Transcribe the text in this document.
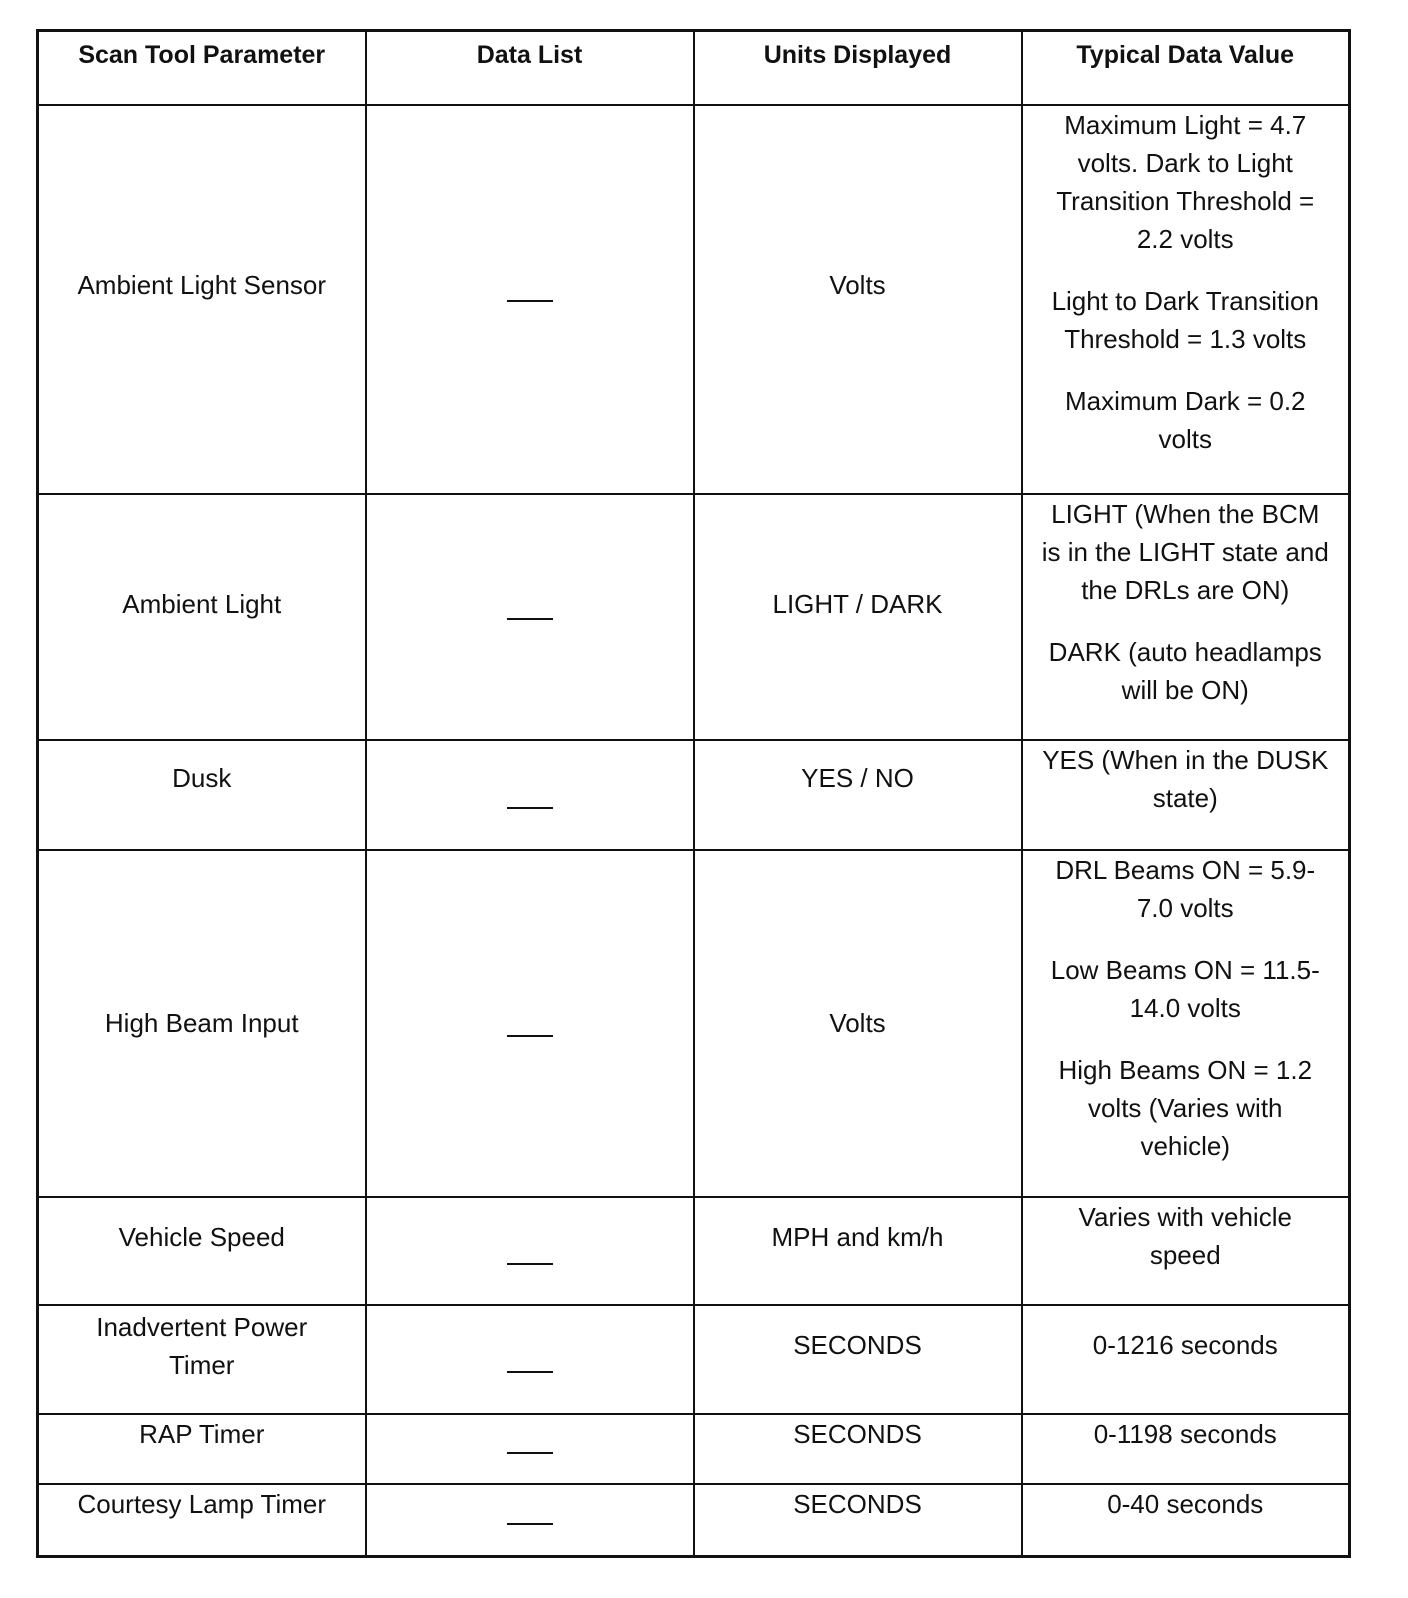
Scan Tool Parameter	Data List	Units Displayed	Typical Data Value
Ambient Light Sensor		Volts	Maximum Light = 4.7 volts. Dark to Light Transition Threshold = 2.2 volts
Light to Dark Transition Threshold = 1.3 volts
Maximum Dark = 0.2 volts

Ambient Light		LIGHT / DARK	LIGHT (When the BCM is in the LIGHT state and the DRLs are ON)
DARK (auto headlamps will be ON)

Dusk		YES / NO	YES (When in the DUSK state)

High Beam Input		Volts	DRL Beams ON = 5.9-7.0 volts
Low Beams ON = 11.5-14.0 volts
High Beams ON = 1.2 volts (Varies with vehicle)

Vehicle Speed		MPH and km/h	Varies with vehicle speed

Inadvertent Power Timer		SECONDS	0-1216 seconds

RAP Timer		SECONDS	0-1198 seconds

Courtesy Lamp Timer		SECONDS	0-40 seconds
